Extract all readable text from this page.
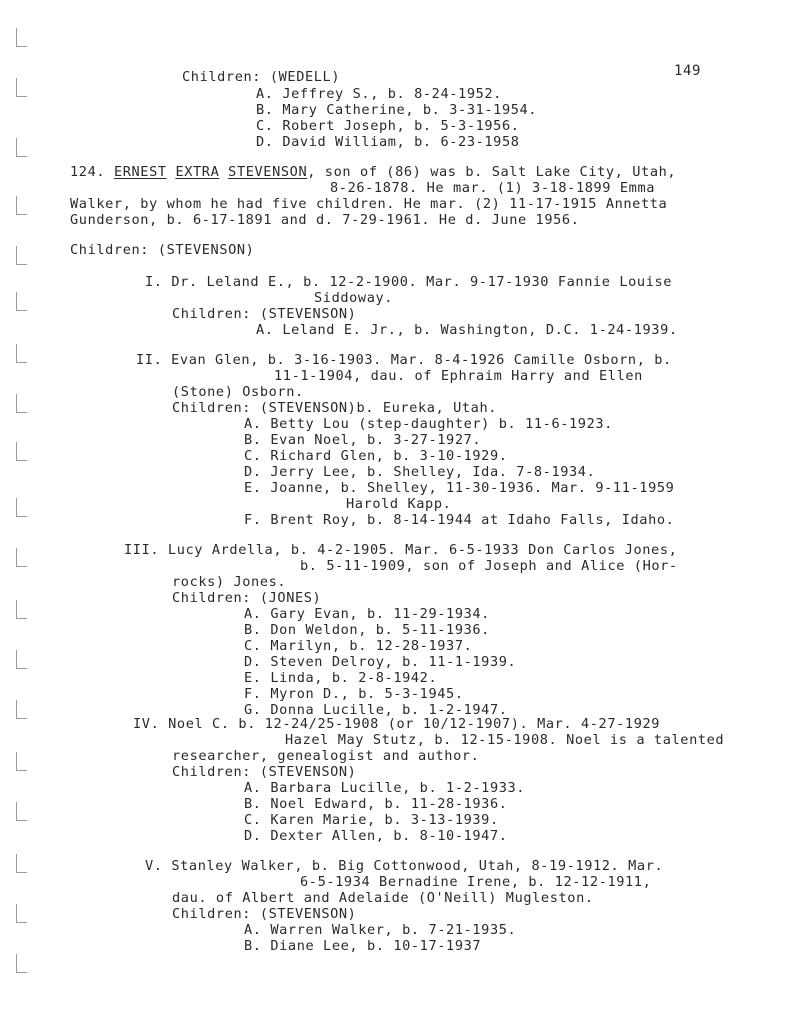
149
Children: (WEDELL)
A. Jeffrey S., b. 8-24-1952.
B. Mary Catherine, b. 3-31-1954.
C. Robert Joseph, b. 5-3-1956.
D. David William, b. 6-23-1958
124. ERNEST EXTRA STEVENSON, son of (86) was b. Salt Lake City, Utah,
8-26-1878. He mar. (1) 3-18-1899 Emma
Walker, by whom he had five children. He mar. (2) 11-17-1915 Annetta
Gunderson, b. 6-17-1891 and d. 7-29-1961. He d. June 1956.
Children: (STEVENSON)
I. Dr. Leland E., b. 12-2-1900. Mar. 9-17-1930 Fannie Louise
Siddoway.
Children: (STEVENSON)
A. Leland E. Jr., b. Washington, D.C. 1-24-1939.
II. Evan Glen, b. 3-16-1903. Mar. 8-4-1926 Camille Osborn, b.
11-1-1904, dau. of Ephraim Harry and Ellen
(Stone) Osborn.
Children: (STEVENSON)b. Eureka, Utah.
A. Betty Lou (step-daughter) b. 11-6-1923.
B. Evan Noel, b. 3-27-1927.
C. Richard Glen, b. 3-10-1929.
D. Jerry Lee, b. Shelley, Ida. 7-8-1934.
E. Joanne, b. Shelley, 11-30-1936. Mar. 9-11-1959
Harold Kapp.
F. Brent Roy, b. 8-14-1944 at Idaho Falls, Idaho.
III. Lucy Ardella, b. 4-2-1905. Mar. 6-5-1933 Don Carlos Jones,
b. 5-11-1909, son of Joseph and Alice (Hor-
rocks) Jones.
Children: (JONES)
A. Gary Evan, b. 11-29-1934.
B. Don Weldon, b. 5-11-1936.
C. Marilyn, b. 12-28-1937.
D. Steven Delroy, b. 11-1-1939.
E. Linda, b. 2-8-1942.
F. Myron D., b. 5-3-1945.
G. Donna Lucille, b. 1-2-1947.
IV. Noel C. b. 12-24/25-1908 (or 10/12-1907). Mar. 4-27-1929
Hazel May Stutz, b. 12-15-1908. Noel is a talented
researcher, genealogist and author.
Children: (STEVENSON)
A. Barbara Lucille, b. 1-2-1933.
B. Noel Edward, b. 11-28-1936.
C. Karen Marie, b. 3-13-1939.
D. Dexter Allen, b. 8-10-1947.
V. Stanley Walker, b. Big Cottonwood, Utah, 8-19-1912. Mar.
6-5-1934 Bernadine Irene, b. 12-12-1911,
dau. of Albert and Adelaide (O'Neill) Mugleston.
Children: (STEVENSON)
A. Warren Walker, b. 7-21-1935.
B. Diane Lee, b. 10-17-1937
